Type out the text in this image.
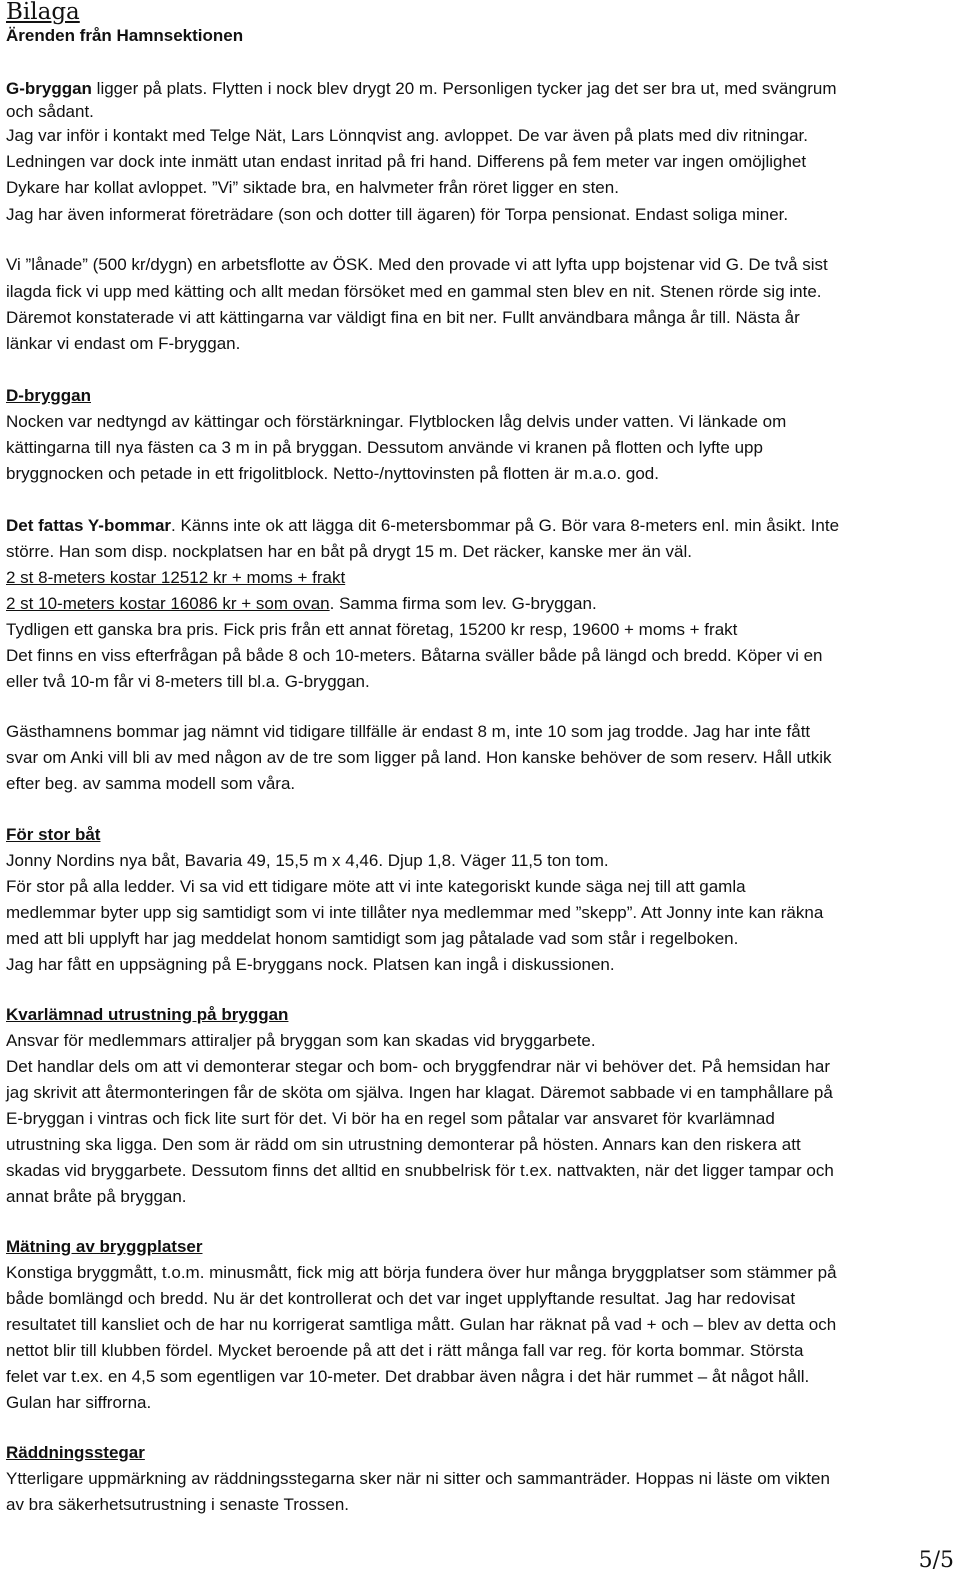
Bilaga
Ärenden från Hamnsektionen
G-bryggan ligger på plats. Flytten i nock blev drygt 20 m. Personligen tycker jag det ser bra ut, med svängrum
och sådant.
Jag var inför i kontakt med Telge Nät, Lars Lönnqvist ang. avloppet. De var även på plats med div ritningar.
Ledningen var dock inte inmätt utan endast inritad på fri hand. Differens på fem meter var ingen omöjlighet
Dykare har kollat avloppet. ”Vi” siktade bra, en halvmeter från röret ligger en sten.
Jag har även informerat företrädare (son och dotter till ägaren) för Torpa pensionat. Endast soliga miner.
Vi ”lånade” (500 kr/dygn) en arbetsflotte av ÖSK. Med den provade vi att lyfta upp bojstenar vid G. De två sist
ilagda fick vi upp med kätting och allt medan försöket med en gammal sten blev en nit. Stenen rörde sig inte.
Däremot konstaterade vi att kättingarna var väldigt fina en bit ner. Fullt användbara många år till. Nästa år
länkar vi endast om F-bryggan.
D-bryggan
Nocken var nedtyngd av kättingar och förstärkningar. Flytblocken låg delvis under vatten. Vi länkade om
kättingarna till nya fästen ca 3 m in på bryggan. Dessutom använde vi kranen på flotten och lyfte upp
bryggnocken och petade in ett frigolitblock. Netto-/nyttovinsten på flotten är m.a.o. god.
Det fattas Y-bommar. Känns inte ok att lägga dit 6-metersbommar på G. Bör vara 8-meters enl. min åsikt. Inte
större. Han som disp. nockplatsen har en båt på drygt 15 m. Det räcker, kanske mer än väl.
2 st 8-meters kostar 12512 kr + moms + frakt
2 st 10-meters kostar 16086 kr + som ovan. Samma firma som lev. G-bryggan.
Tydligen ett ganska bra pris. Fick pris från ett annat företag, 15200 kr resp, 19600 + moms + frakt
Det finns en viss efterfrågan på både 8 och 10-meters. Båtarna sväller både på längd och bredd. Köper vi en
eller två 10-m får vi 8-meters till bl.a. G-bryggan.
Gästhamnens bommar jag nämnt vid tidigare tillfälle är endast 8 m, inte 10 som jag trodde. Jag har inte fått
svar om Anki vill bli av med någon av de tre som ligger på land. Hon kanske behöver de som reserv. Håll utkik
efter beg. av samma modell som våra.
För stor båt
Jonny Nordins nya båt, Bavaria 49, 15,5 m x 4,46. Djup 1,8. Väger 11,5 ton tom.
För stor på alla ledder. Vi sa vid ett tidigare möte att vi inte kategoriskt kunde säga nej till att gamla
medlemmar byter upp sig samtidigt som vi inte tillåter nya medlemmar med ”skepp”. Att Jonny inte kan räkna
med att bli upplyft har jag meddelat honom samtidigt som jag påtalade vad som står i regelboken.
Jag har fått en uppsägning på E-bryggans nock. Platsen kan ingå i diskussionen.
Kvarlämnad utrustning på bryggan
Ansvar för medlemmars attiraljer på bryggan som kan skadas vid bryggarbete.
Det handlar dels om att vi demonterar stegar och bom- och bryggfendrar när vi behöver det. På hemsidan har
jag skrivit att återmonteringen får de sköta om själva. Ingen har klagat. Däremot sabbade vi en tamphållare på
E-bryggan i vintras och fick lite surt för det. Vi bör ha en regel som påtalar var ansvaret för kvarlämnad
utrustning ska ligga. Den som är rädd om sin utrustning demonterar på hösten. Annars kan den riskera att
skadas vid bryggarbete. Dessutom finns det alltid en snubbelrisk för t.ex. nattvakten, när det ligger tampar och
annat bråte på bryggan.
Mätning av bryggplatser
Konstiga bryggmått, t.o.m. minusmått, fick mig att börja fundera över hur många bryggplatser som stämmer på
både bomlängd och bredd. Nu är det kontrollerat och det var inget upplyftande resultat. Jag har redovisat
resultatet till kansliet och de har nu korrigerat samtliga mått. Gulan har räknat på vad + och – blev av detta och
nettot blir till klubben fördel. Mycket beroende på att det i rätt många fall var reg. för korta bommar. Största
felet var t.ex. en 4,5 som egentligen var 10-meter. Det drabbar även några i det här rummet – åt något håll.
Gulan har siffrorna.
Räddningsstegar
Ytterligare uppmärkning av räddningsstegarna sker när ni sitter och sammanträder. Hoppas ni läste om vikten
av bra säkerhetsutrustning i senaste Trossen.
5/5
